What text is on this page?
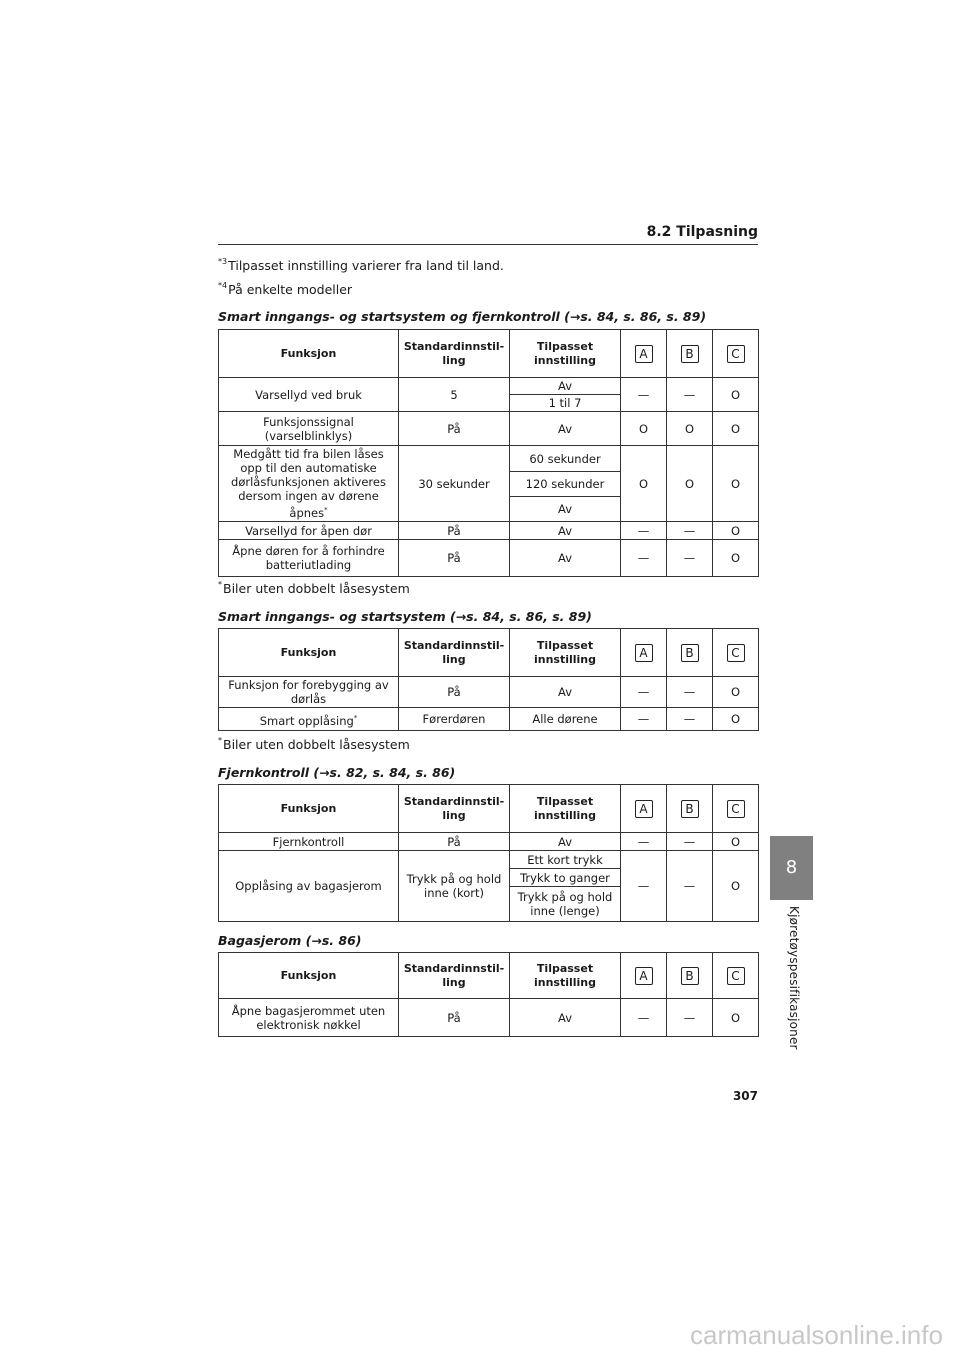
8.2 Tilpasning
$^{*3}$Tilpasset innstilling varierer fra land til land.
$^{*4}$På enkelte modeller
Smart inngangs- og startsystem og fjernkontroll (→s. 84, s. 86, s. 89)
Funksjon	Standardinnstil-ling	Tilpasset innstilling	A	B	C
Varsellyd ved bruk	5	Av	—	—	O
		1 til 7			
Funksjonssignal (varselblinklys)	På	Av	O	O	O
Medgått tid fra bilen låses opp til den automatiske dørlåsfunksjonen aktiveres dersom ingen av dørene åpnes*	30 sekunder	60 sekunder	O	O	O
		120 sekunder			
		Av			
Varsellyd for åpen dør	På	Av	—	—	O
Åpne døren for å forhindre batteriutlading	På	Av	—	—	O
*Biler uten dobbelt låsesystem
Smart inngangs- og startsystem (→s. 84, s. 86, s. 89)
Funksjon	Standardinnstil-ling	Tilpasset innstilling	A	B	C
Funksjon for forebygging av dørlås	På	Av	—	—	O
Smart opplåsing*	Førerdøren	Alle dørene	—	—	O
*Biler uten dobbelt låsesystem
Fjernkontroll (→s. 82, s. 84, s. 86)
Funksjon	Standardinnstil-ling	Tilpasset innstilling	A	B	C
Fjernkontroll	På	Av	—	—	O
Opplåsing av bagasjerom	Trykk på og hold inne (kort)	Ett kort trykk	—	—	O
		Trykk to ganger			
		Trykk på og hold inne (lenge)			
Bagasjerom (→s. 86)
Funksjon	Standardinnstil-ling	Tilpasset innstilling	A	B	C
Åpne bagasjerommet uten elektronisk nøkkel	På	Av	—	—	O
8
Kjøretøyspesifikasjoner
307
carmanualsonline.info
